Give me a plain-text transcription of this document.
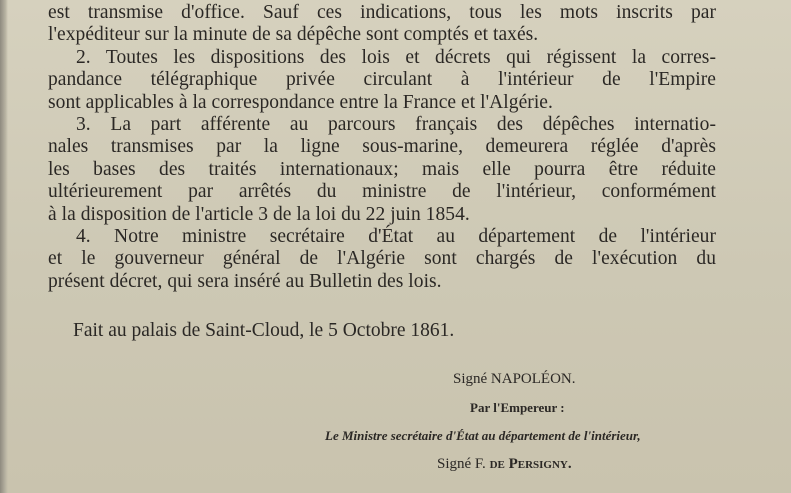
est transmise d'office. Sauf ces indications, tous les mots inscrits par
l'expéditeur sur la minute de sa dépêche sont comptés et taxés.
2. Toutes les dispositions des lois et décrets qui régissent la corres-
pandance télégraphique privée circulant à l'intérieur de l'Empire
sont applicables à la correspondance entre la France et l'Algérie.
3. La part afférente au parcours français des dépêches internatio-
nales transmises par la ligne sous-marine, demeurera réglée d'après
les bases des traités internationaux; mais elle pourra être réduite
ultérieurement par arrêtés du ministre de l'intérieur, conformément
à la disposition de l'article 3 de la loi du 22 juin 1854.
4. Notre ministre secrétaire d'État au département de l'intérieur
et le gouverneur général de l'Algérie sont chargés de l'exécution du
présent décret, qui sera inséré au Bulletin des lois.
Fait au palais de Saint-Cloud, le 5 Octobre 1861.
Signé NAPOLÉON.
Par l'Empereur :
Le Ministre secrétaire d'État au département de l'intérieur,
Signé F. de Persigny.
